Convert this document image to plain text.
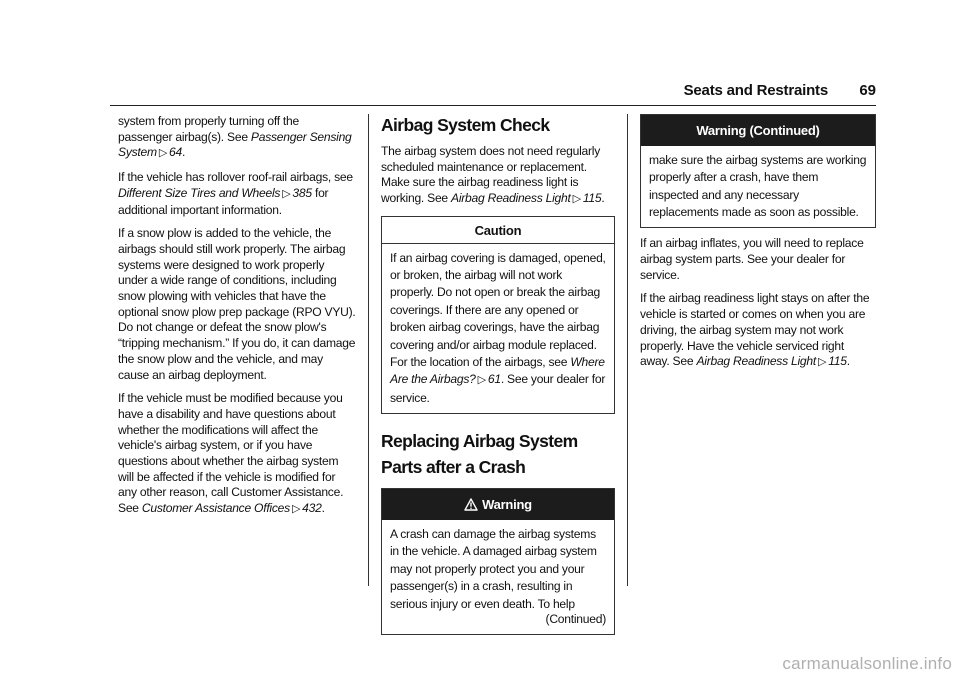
Seats and Restraints 69

system from properly turning off the passenger airbag(s). See Passenger Sensing System ▷ 64.

If the vehicle has rollover roof-rail airbags, see Different Size Tires and Wheels ▷ 385 for additional important information.

If a snow plow is added to the vehicle, the airbags should still work properly. The airbag systems were designed to work properly under a wide range of conditions, including snow plowing with vehicles that have the optional snow plow prep package (RPO VYU). Do not change or defeat the snow plow's “tripping mechanism.” If you do, it can damage the snow plow and the vehicle, and may cause an airbag deployment.

If the vehicle must be modified because you have a disability and have questions about whether the modifications will affect the vehicle's airbag system, or if you have questions about whether the airbag system will be affected if the vehicle is modified for any other reason, call Customer Assistance. See Customer Assistance Offices ▷ 432.

Airbag System Check

The airbag system does not need regularly scheduled maintenance or replacement. Make sure the airbag readiness light is working. See Airbag Readiness Light ▷ 115.

Caution
If an airbag covering is damaged, opened, or broken, the airbag will not work properly. Do not open or break the airbag coverings. If there are any opened or broken airbag coverings, have the airbag covering and/or airbag module replaced. For the location of the airbags, see Where Are the Airbags? ▷ 61. See your dealer for service.
Replacing Airbag System Parts after a Crash
Warning
A crash can damage the airbag systems in the vehicle. A damaged airbag system may not properly protect you and your passenger(s) in a crash, resulting in serious injury or even death. To help
(Continued)
Warning (Continued)
make sure the airbag systems are working properly after a crash, have them inspected and any necessary replacements made as soon as possible.

If an airbag inflates, you will need to replace airbag system parts. See your dealer for service.

If the airbag readiness light stays on after the vehicle is started or comes on when you are driving, the airbag system may not work properly. Have the vehicle serviced right away. See Airbag Readiness Light ▷ 115.

carmanualsonline.info
